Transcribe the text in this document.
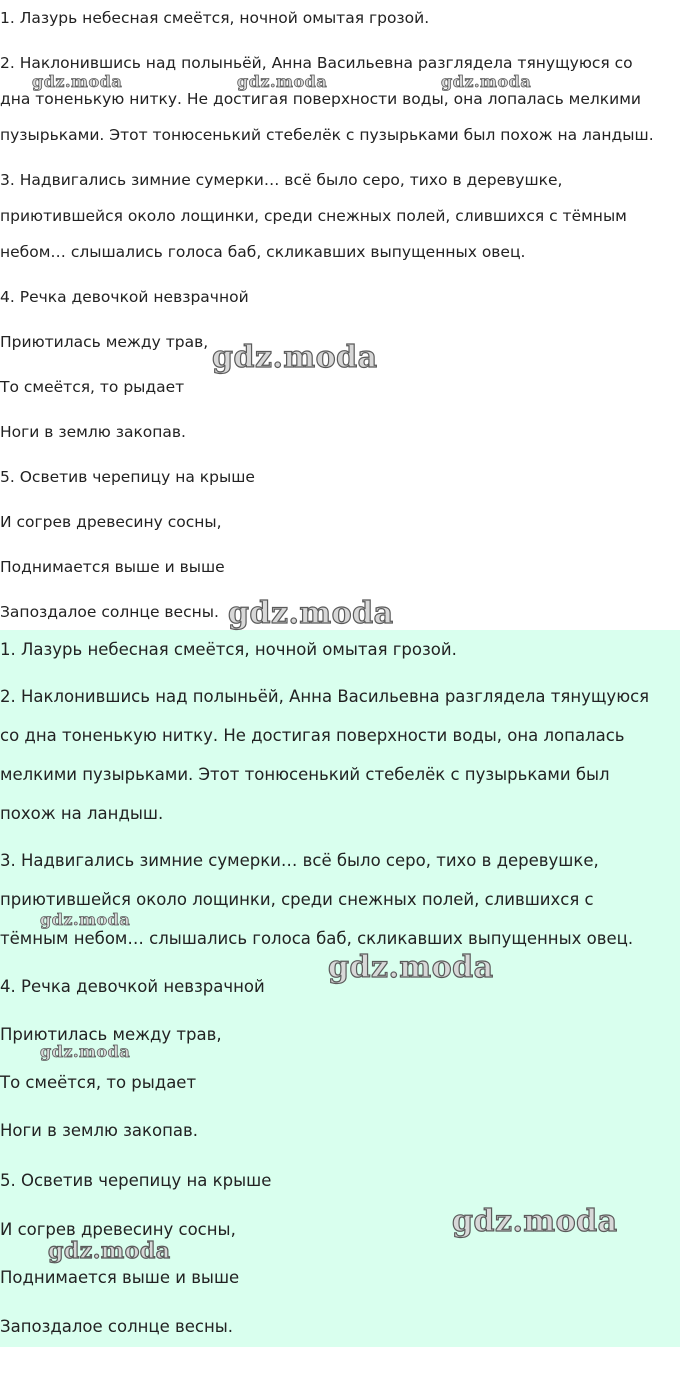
1. Лазурь небесная смеётся, ночной омытая грозой.
2. Наклонившись над полыньёй, Анна Васильевна разглядела тянущуюся со
дна тоненькую нитку. Не достигая поверхности воды, она лопалась мелкими
пузырьками. Этот тонюсенький стебелёк с пузырьками был похож на ландыш.
3. Надвигались зимние сумерки… всё было серо, тихо в деревушке,
приютившейся около лощинки, среди снежных полей, слившихся с тёмным
небом… слышались голоса баб, скликавших выпущенных овец.
4. Речка девочкой невзрачной
Приютилась между трав,
То смеётся, то рыдает
Ноги в землю закопав.
5. Осветив черепицу на крыше
И согрев древесину сосны,
Поднимается выше и выше
Запоздалое солнце весны.
1. Лазурь небесная смеётся, ночной омытая грозой.
2. Наклонившись над полыньёй, Анна Васильевна разглядела тянущуюся
со дна тоненькую нитку. Не достигая поверхности воды, она лопалась
мелкими пузырьками. Этот тонюсенький стебелёк с пузырьками был
похож на ландыш.
3. Надвигались зимние сумерки… всё было серо, тихо в деревушке,
приютившейся около лощинки, среди снежных полей, слившихся с
тёмным небом… слышались голоса баб, скликавших выпущенных овец.
4. Речка девочкой невзрачной
Приютилась между трав,
То смеётся, то рыдает
Ноги в землю закопав.
5. Осветив черепицу на крыше
И согрев древесину сосны,
Поднимается выше и выше
Запоздалое солнце весны.
gdz.moda	gdz.moda	gdz.moda
gdz.moda
gdz.moda
gdz.moda
gdz.moda
gdz.moda
gdz.moda
gdz.moda
